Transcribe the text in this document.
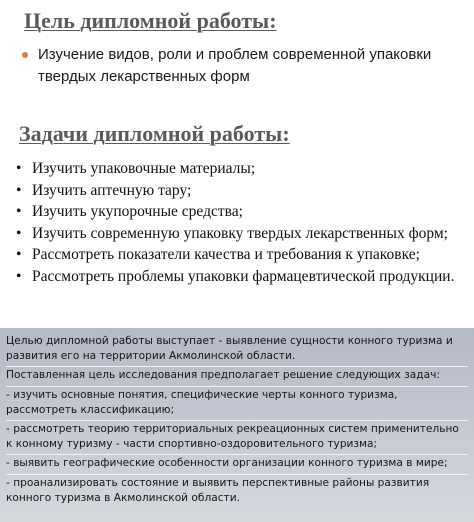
Цель дипломной работы:
Изучение видов, роли и проблем современной упаковки твердых лекарственных форм
Задачи дипломной работы:
• Изучить упаковочные материалы;
• Изучить аптечную тару;
• Изучить укупорочные средства;
• Изучить современную упаковку твердых лекарственных форм;
• Рассмотреть показатели качества и требования к упаковке;
• Рассмотреть проблемы упаковки фармацевтической продукции.

Целью дипломной работы выступает - выявление сущности конного туризма и развития его на территории Акмолинской области.

Поставленная цель исследования предполагает решение следующих задач:

- изучить основные понятия, специфические черты конного туризма, рассмотреть классификацию;

- рассмотреть теорию территориальных рекреационных систем применительно к конному туризму - части спортивно-оздоровительного туризма;

- выявить географические особенности организации конного туризма в мире;

- проанализировать состояние и выявить перспективные районы развития конного туризма в Акмолинской области.
